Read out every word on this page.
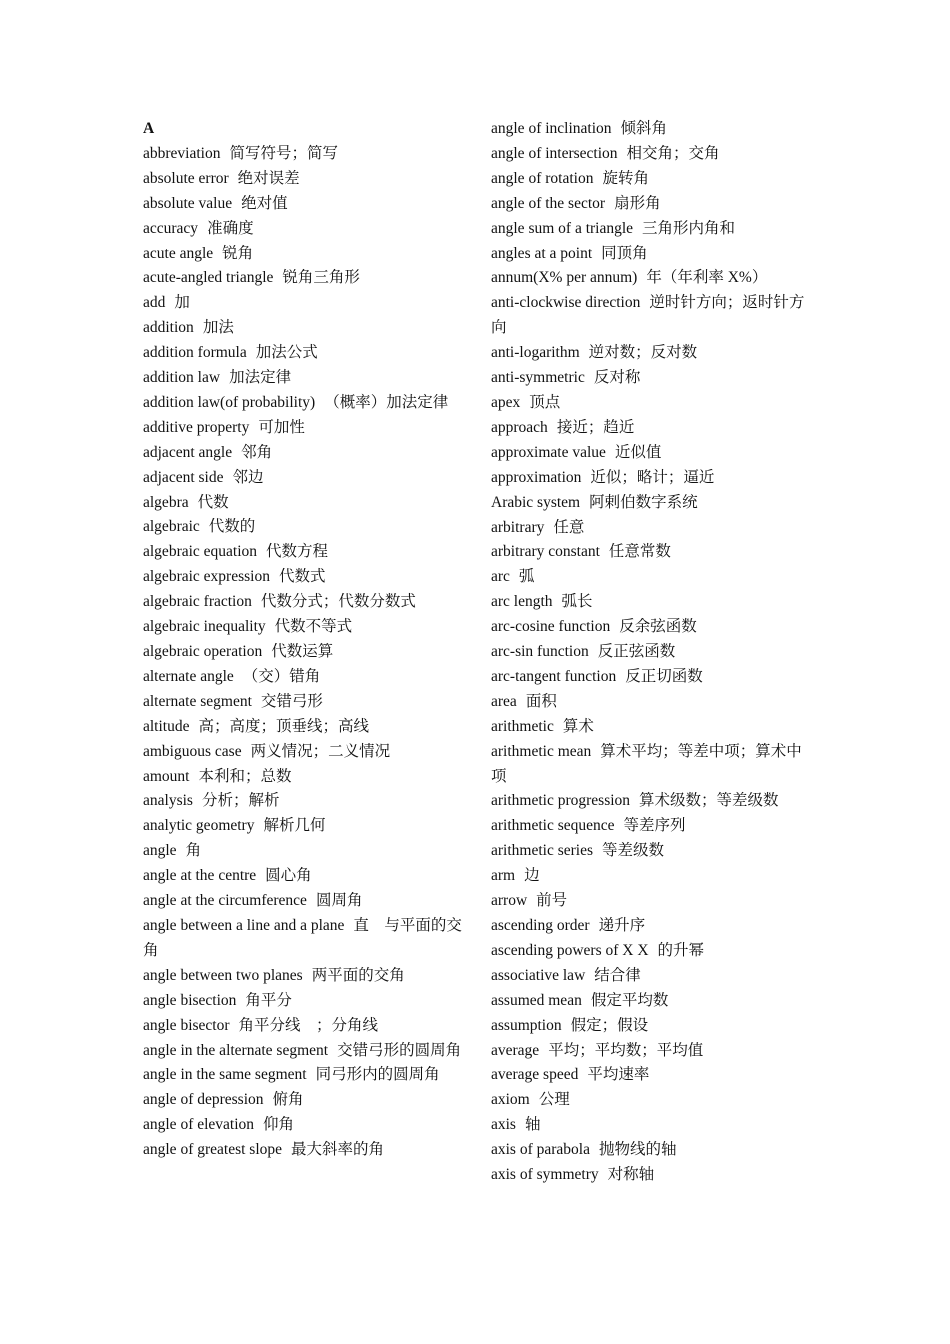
A
abbreviation 简写符号；简写
absolute error 绝对误差
absolute value 绝对值
accuracy 准确度
acute angle 锐角
acute-angled triangle 锐角三角形
add 加
addition 加法
addition formula 加法公式
addition law 加法定律
addition law(of probability) （概率）加法定律
additive property 可加性
adjacent angle 邻角
adjacent side 邻边
algebra 代数
algebraic 代数的
algebraic equation 代数方程
algebraic expression 代数式
algebraic fraction 代数分式；代数分数式
algebraic inequality 代数不等式
algebraic operation 代数运算
alternate angle （交）错角
alternate segment 交错弓形
altitude 高；高度；顶垂线；高线
ambiguous case 两义情况；二义情况
amount 本利和；总数
analysis 分析；解析
analytic geometry 解析几何
angle 角
angle at the centre 圆心角
angle at the circumference 圆周角
angle between a line and a plane 直　与平面的交角
angle between two planes 两平面的交角
angle bisection 角平分
angle bisector 角平分线　；分角线
angle in the alternate segment 交错弓形的圆周角
angle in the same segment 同弓形内的圆周角
angle of depression 俯角
angle of elevation 仰角
angle of greatest slope 最大斜率的角
angle of inclination 倾斜角
angle of intersection 相交角；交角
angle of rotation 旋转角
angle of the sector 扇形角
angle sum of a triangle 三角形内角和
angles at a point 同顶角
annum(X% per annum) 年（年利率 X%）
anti-clockwise direction 逆时针方向；返时针方向
anti-logarithm 逆对数；反对数
anti-symmetric 反对称
apex 顶点
approach 接近；趋近
approximate value 近似值
approximation 近似；略计；逼近
Arabic system 阿剌伯数字系统
arbitrary 任意
arbitrary constant 任意常数
arc 弧
arc length 弧长
arc-cosine function 反余弦函数
arc-sin function 反正弦函数
arc-tangent function 反正切函数
area 面积
arithmetic 算术
arithmetic mean 算术平均；等差中项；算术中项
arithmetic progression 算术级数；等差级数
arithmetic sequence 等差序列
arithmetic series 等差级数
arm 边
arrow 前号
ascending order 递升序
ascending powers of X X 的升幂
associative law 结合律
assumed mean 假定平均数
assumption 假定；假设
average 平均；平均数；平均值
average speed 平均速率
axiom 公理
axis 轴
axis of parabola 抛物线的轴
axis of symmetry 对称轴
